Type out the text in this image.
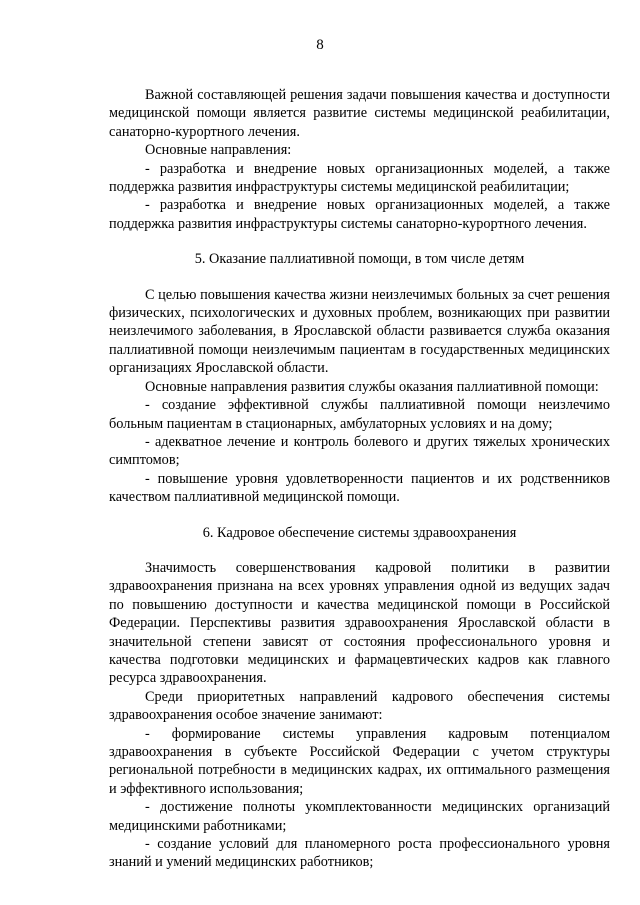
8

Важной составляющей решения задачи повышения качества и доступности медицинской помощи является развитие системы медицинской реабилитации, санаторно-курортного лечения.

Основные направления:

- разработка и внедрение новых организационных моделей, а также поддержка развития инфраструктуры системы медицинской реабилитации;

- разработка и внедрение новых организационных моделей, а также поддержка развития инфраструктуры системы санаторно-курортного лечения.

5. Оказание паллиативной помощи, в том числе детям

С целью повышения качества жизни неизлечимых больных за счет решения физических, психологических и духовных проблем, возникающих при развитии неизлечимого заболевания, в Ярославской области развивается служба оказания паллиативной помощи неизлечимым пациентам в государственных медицинских организациях Ярославской области.

Основные направления развития службы оказания паллиативной помощи:

- создание эффективной службы паллиативной помощи неизлечимо больным пациентам в стационарных, амбулаторных условиях и на дому;

- адекватное лечение и контроль болевого и других тяжелых хронических симптомов;

- повышение уровня удовлетворенности пациентов и их родственников качеством паллиативной медицинской помощи.

6. Кадровое обеспечение системы здравоохранения

Значимость совершенствования кадровой политики в развитии здравоохранения признана на всех уровнях управления одной из ведущих задач по повышению доступности и качества медицинской помощи в Российской Федерации. Перспективы развития здравоохранения Ярославской области в значительной степени зависят от состояния профессионального уровня и качества подготовки медицинских и фармацевтических кадров как главного ресурса здравоохранения.

Среди приоритетных направлений кадрового обеспечения системы здравоохранения особое значение занимают:

- формирование системы управления кадровым потенциалом здравоохранения в субъекте Российской Федерации с учетом структуры региональной потребности в медицинских кадрах, их оптимального размещения и эффективного использования;

- достижение полноты укомплектованности медицинских организаций медицинскими работниками;

- создание условий для планомерного роста профессионального уровня знаний и умений медицинских работников;
